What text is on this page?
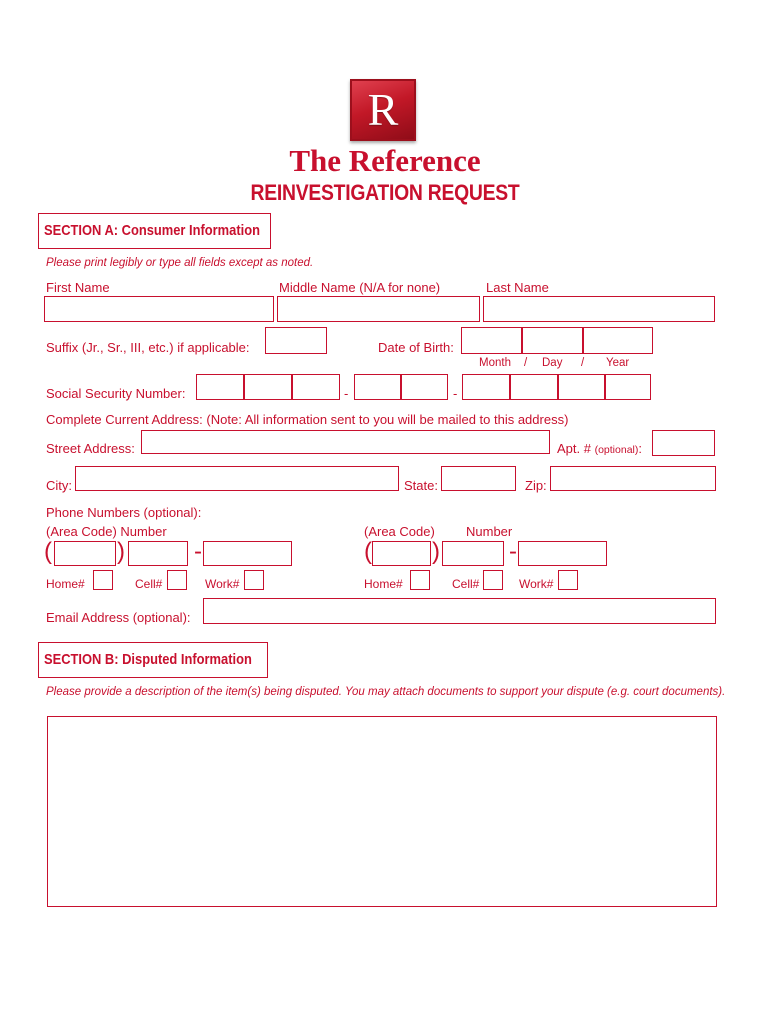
R
The Reference
REINVESTIGATION REQUEST
SECTION A: Consumer Information
Please print legibly or type all fields except as noted.
First Name	Middle Name (N/A for none)	Last Name
Suffix (Jr., Sr., III, etc.) if applicable:	Date of Birth:
Month / Day / Year
Social Security Number:	-	-
Complete Current Address: (Note: All information sent to you will be mailed to this address)
Street Address:	Apt. # (optional):
City:	State:	Zip:
Phone Numbers (optional):
(Area Code) Number	(Area Code) Number
(	)	-	(	)	-
Home#	Cell#	Work#	Home#	Cell#	Work#
Email Address (optional):
SECTION B: Disputed Information
Please provide a description of the item(s) being disputed. You may attach documents to support your dispute (e.g. court documents).
